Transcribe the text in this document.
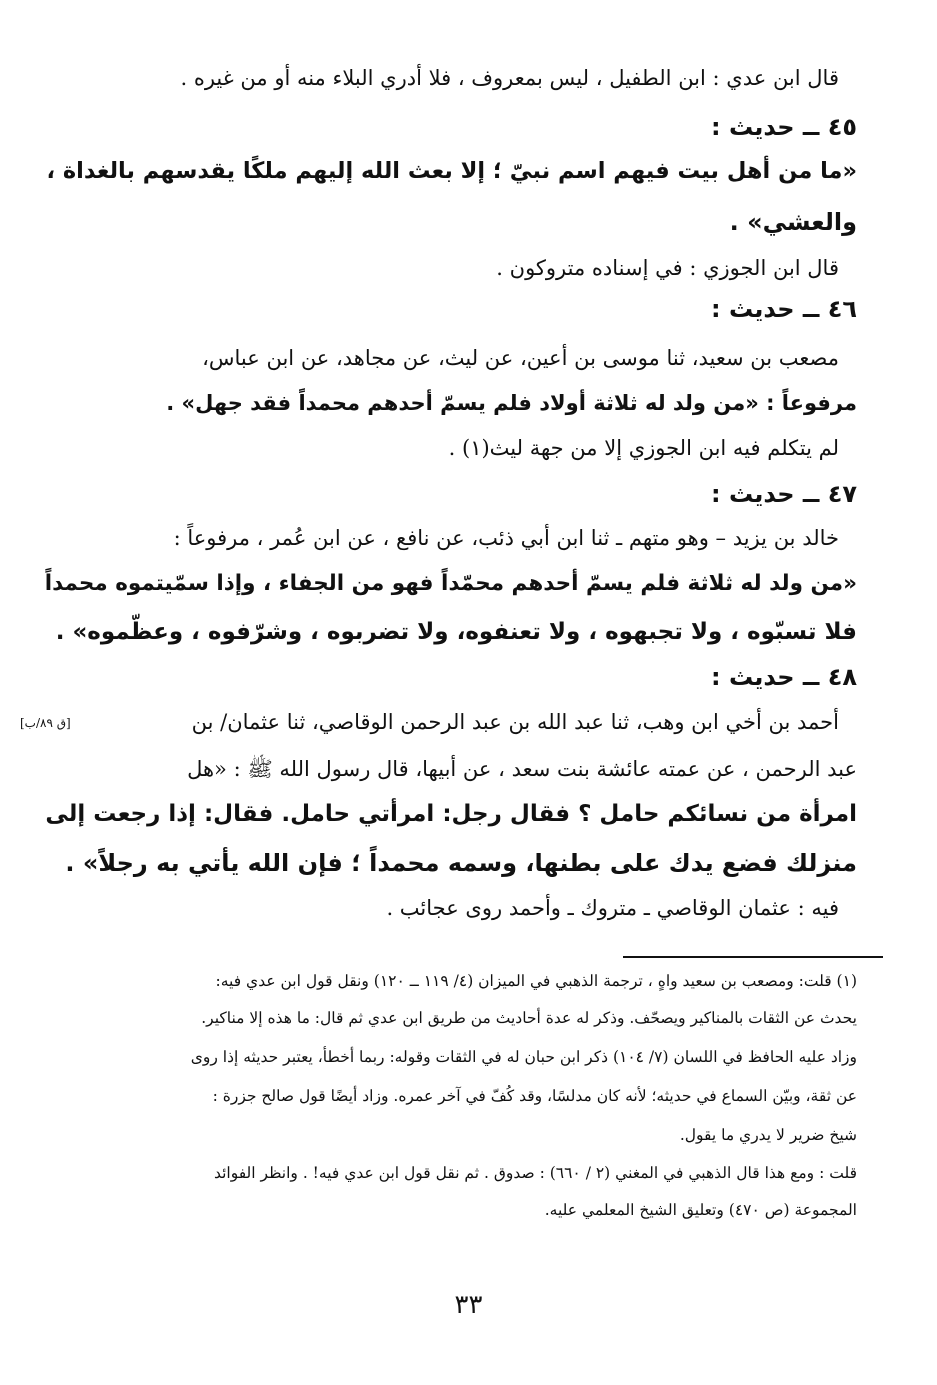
قال ابن عدي : ابن الطفيل ، ليس بمعروف ، فلا أدري البلاء منه أو من غيره .
٤٥ ــ حديث :
«ما من أهل بيت فيهم اسم نبيّ ؛ إلا بعث الله إليهم ملكًا يقدسهم بالغداة ،
والعشي» .
قال ابن الجوزي : في إسناده متروكون .
٤٦ ــ حديث :
مصعب بن سعيد، ثنا موسى بن أعين، عن ليث، عن مجاهد، عن ابن عباس،
مرفوعاً : «من ولد له ثلاثة أولاد فلم يسمّ أحدهم محمداً فقد جهل» .
لم يتكلم فيه ابن الجوزي إلا من جهة ليث(١) .
٤٧ ــ حديث :
خالد بن يزيد – وهو متهم ـ ثنا ابن أبي ذئب، عن نافع ، عن ابن عُمر ، مرفوعاً :
«من ولد له ثلاثة فلم يسمّ أحدهم محمّداً فهو من الجفاء ، وإذا سمّيتموه محمداً
فلا تسبّوه ، ولا تجبهوه ، ولا تعنفوه، ولا تضربوه ، وشرّفوه ، وعظّموه» .
٤٨ ــ حديث :
[ق ٨٩/ب]	أحمد بن أخي ابن وهب، ثنا عبد الله بن عبد الرحمن الوقاصي، ثنا عثمان/ بن
عبد الرحمن ، عن عمته عائشة بنت سعد ، عن أبيها، قال رسول الله ﷺ : «هل
امرأة من نسائكم حامل ؟ فقال رجل: امرأتي حامل. فقال: إذا رجعت إلى
منزلك فضع يدك على بطنها، وسمه محمداً ؛ فإن الله يأتي به رجلاً» .
فيه : عثمان الوقاصي ـ متروك ـ وأحمد روى عجائب .
(١) قلت: ومصعب بن سعيد واهٍ ، ترجمة الذهبي في الميزان (٤/ ١١٩ ــ ١٢٠) ونقل قول ابن عدي فيه:
يحدث عن الثقات بالمناكير ويصحّف. وذكر له عدة أحاديث من طريق ابن عدي ثم قال: ما هذه إلا مناكير.
وزاد عليه الحافظ في اللسان (٧/ ١٠٤) ذكر ابن حبان له في الثقات وقوله: ربما أخطأ، يعتبر حديثه إذا روى
عن ثقة، وبيّن السماع في حديثه؛ لأنه كان مدلسًا، وقد كُفّ في آخر عمره. وزاد أيضًا قول صالح جزرة :
شيخ ضرير لا يدري ما يقول.
قلت : ومع هذا قال الذهبي في المغني (٢ / ٦٦٠) : صدوق . ثم نقل قول ابن عدي فيه! . وانظر الفوائد
المجموعة (ص ٤٧٠) وتعليق الشيخ المعلمي عليه.
٣٣
